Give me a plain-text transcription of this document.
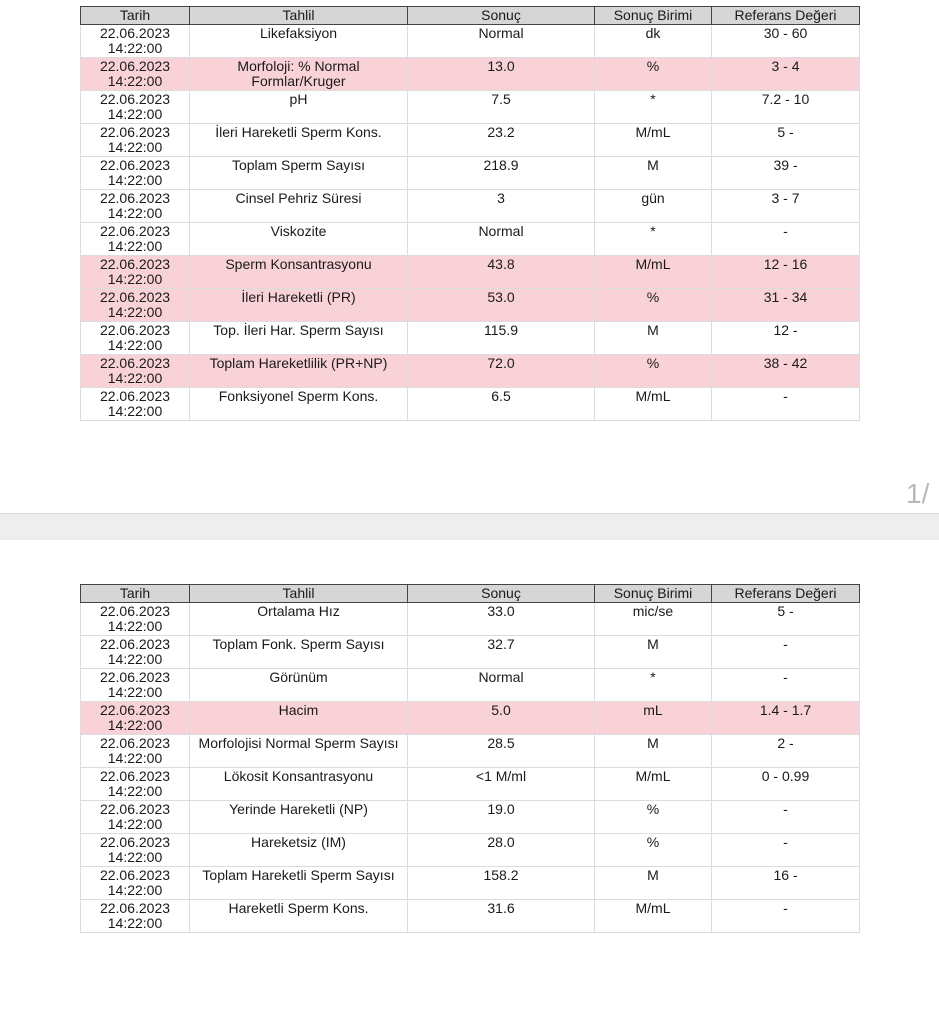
1/
Tarih	Tahlil	Sonuç	Sonuç Birimi	Referans Değeri

22.06.2023
14:22:00	Likefaksiyon	Normal	dk	30 - 60

22.06.2023
14:22:00	Morfoloji: % Normal Formlar/Kruger	13.0	%	3 - 4

22.06.2023
14:22:00	pH	7.5	*	7.2 - 10

22.06.2023
14:22:00	İleri Hareketli Sperm Kons.	23.2	M/mL	5 -

22.06.2023
14:22:00	Toplam Sperm Sayısı	218.9	M	39 -

22.06.2023
14:22:00	Cinsel Pehriz Süresi	3	gün	3 - 7

22.06.2023
14:22:00	Viskozite	Normal	*	-

22.06.2023
14:22:00	Sperm Konsantrasyonu	43.8	M/mL	12 - 16

22.06.2023
14:22:00	İleri Hareketli (PR)	53.0	%	31 - 34

22.06.2023
14:22:00	Top. İleri Har. Sperm Sayısı	115.9	M	12 -

22.06.2023
14:22:00	Toplam Hareketlilik (PR+NP)	72.0	%	38 - 42

22.06.2023
14:22:00	Fonksiyonel Sperm Kons.	6.5	M/mL	-
Tarih	Tahlil	Sonuç	Sonuç Birimi	Referans Değeri

22.06.2023
14:22:00	Ortalama Hız	33.0	mic/se	5 -

22.06.2023
14:22:00	Toplam Fonk. Sperm Sayısı	32.7	M	-

22.06.2023
14:22:00	Görünüm	Normal	*	-

22.06.2023
14:22:00	Hacim	5.0	mL	1.4 - 1.7

22.06.2023
14:22:00	Morfolojisi Normal Sperm Sayısı	28.5	M	2 -

22.06.2023
14:22:00	Lökosit Konsantrasyonu	<1 M/ml	M/mL	0 - 0.99

22.06.2023
14:22:00	Yerinde Hareketli (NP)	19.0	%	-

22.06.2023
14:22:00	Hareketsiz (IM)	28.0	%	-

22.06.2023
14:22:00	Toplam Hareketli Sperm Sayısı	158.2	M	16 -

22.06.2023
14:22:00	Hareketli Sperm Kons.	31.6	M/mL	-
